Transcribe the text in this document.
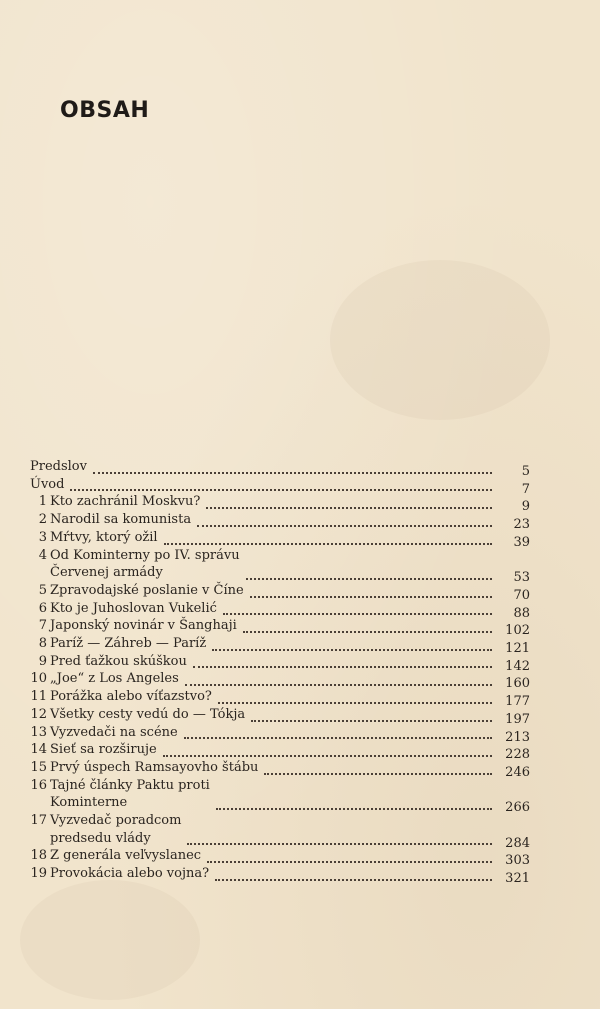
OBSAH
Predslov	5
Úvod	7
1 Kto zachránil Moskvu?	9
2 Narodil sa komunista	23
3 Mŕtvy, ktorý ožil	39
4 Od Kominterny po IV. správu
Červenej armády	53
5 Zpravodajské poslanie v Číne	70
6 Kto je Juhoslovan Vukelić	88
7 Japonský novinár v Šanghaji	102
8 Paríž — Záhreb — Paríž	121
9 Pred ťažkou skúškou	142
10 „Joe“ z Los Angeles	160
11 Porážka alebo víťazstvo?	177
12 Všetky cesty vedú do — Tókja	197
13 Vyzvedači na scéne	213
14 Sieť sa rozširuje	228
15 Prvý úspech Ramsayovho štábu	246
16 Tajné články Paktu proti
Kominterne	266
17 Vyzvedač poradcom
predsedu vlády	284
18 Z generála veľvyslanec	303
19 Provokácia alebo vojna?	321
